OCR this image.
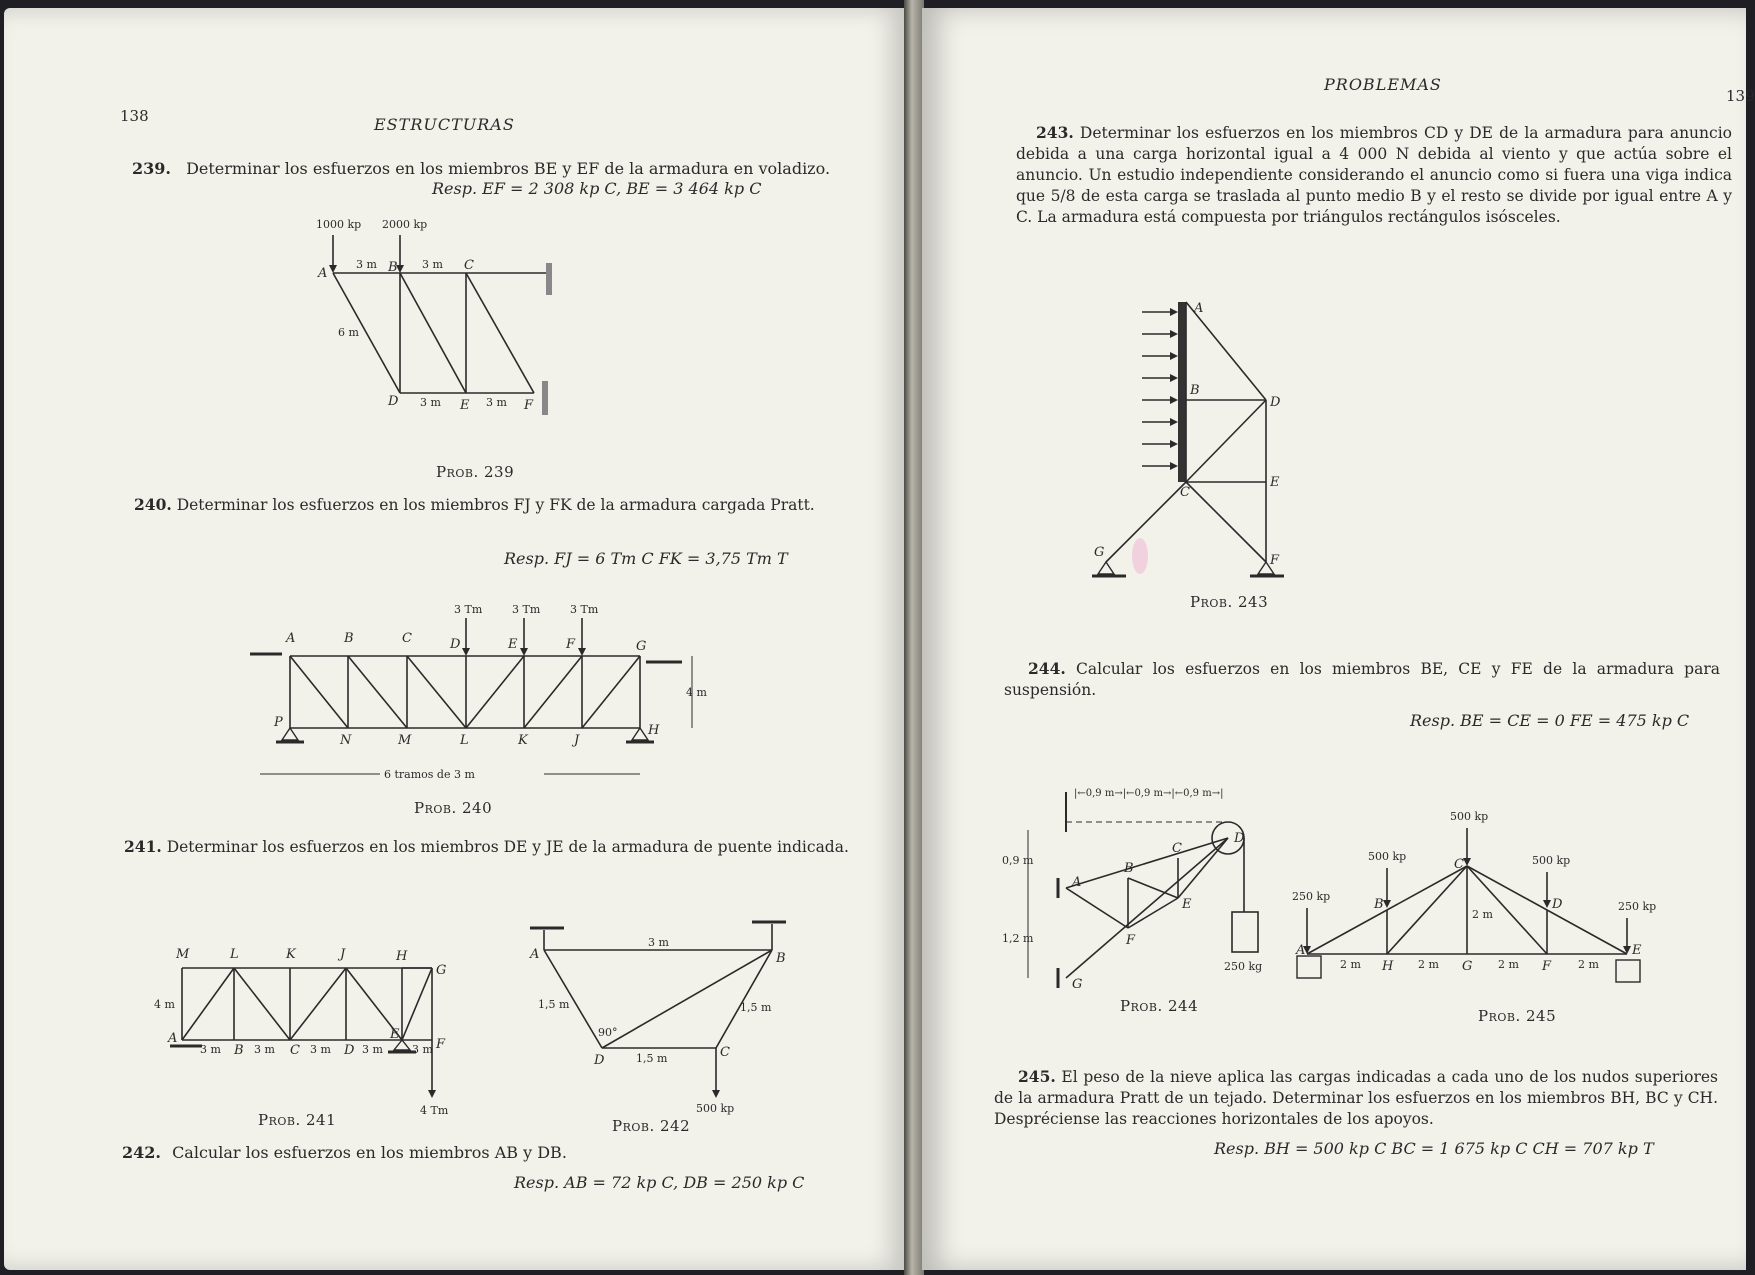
138	ESTRUCTURAS
239. Determinar los esfuerzos en los miembros BE y EF de la armadura en voladizo.
Resp. EF = 2 308 kp C, BE = 3 464 kp C
1000 kp 2000 kp
A	B	C
D	E	F
3 m	3 m
6 m
3 m	3 m
Prob. 239
240. Determinar los esfuerzos en los miembros FJ y FK de la armadura cargada Pratt.
Resp. FJ = 6 Tm C FK = 3,75 Tm T
3 Tm	3 Tm	3 Tm
A	B	C	D	E	F	G
P
N	M	L	K	J
H
4 m
6 tramos de 3 m
Prob. 240
241. Determinar los esfuerzos en los miembros DE y JE de la armadura de puente indicada.
M	L	K	J	H
G
A
B	C	D
E
F
4 m
3 m	3 m	3 m	3 m	3 m
4 Tm
Prob. 241
A	B
C
D
3 m
1,5 m	1,5 m
1,5 m
90°
500 kp
Prob. 242
242. Calcular los esfuerzos en los miembros AB y DB.
Resp. AB = 72 kp C, DB = 250 kp C
PROBLEMAS
139
243. Determinar los esfuerzos en los miembros CD y DE de la armadura para anuncio debida a una carga horizontal igual a 4 000 N debida al viento y que actúa sobre el anuncio. Un estudio independiente considerando el anuncio como si fuera una viga indica que 5/8 de esta carga se traslada al punto medio B y el resto se divide por igual entre A y C. La armadura está compuesta por triángulos rectángulos isósceles.
A
B
C
D
E
F
G
Prob. 243
244. Calcular los esfuerzos en los miembros BE, CE y FE de la armadura para suspensión.
Resp. BE = CE = 0 FE = 475 kp C
|←0,9 m→|←0,9 m→|←0,9 m→|
A
B
C
D
E
F
G
0,9 m
1,2 m
250 kg
Prob. 244
500 kp
500 kp
500 kp
250 kp
250 kp
A
B
C
D
E
F
G
H
2 m	2 m	2 m	2 m
2 m
Prob. 245
245. El peso de la nieve aplica las cargas indicadas a cada uno de los nudos superiores de la armadura Pratt de un tejado. Determinar los esfuerzos en los miembros BH, BC y CH. Despréciense las reacciones horizontales de los apoyos.
Resp. BH = 500 kp C BC = 1 675 kp C CH = 707 kp T
